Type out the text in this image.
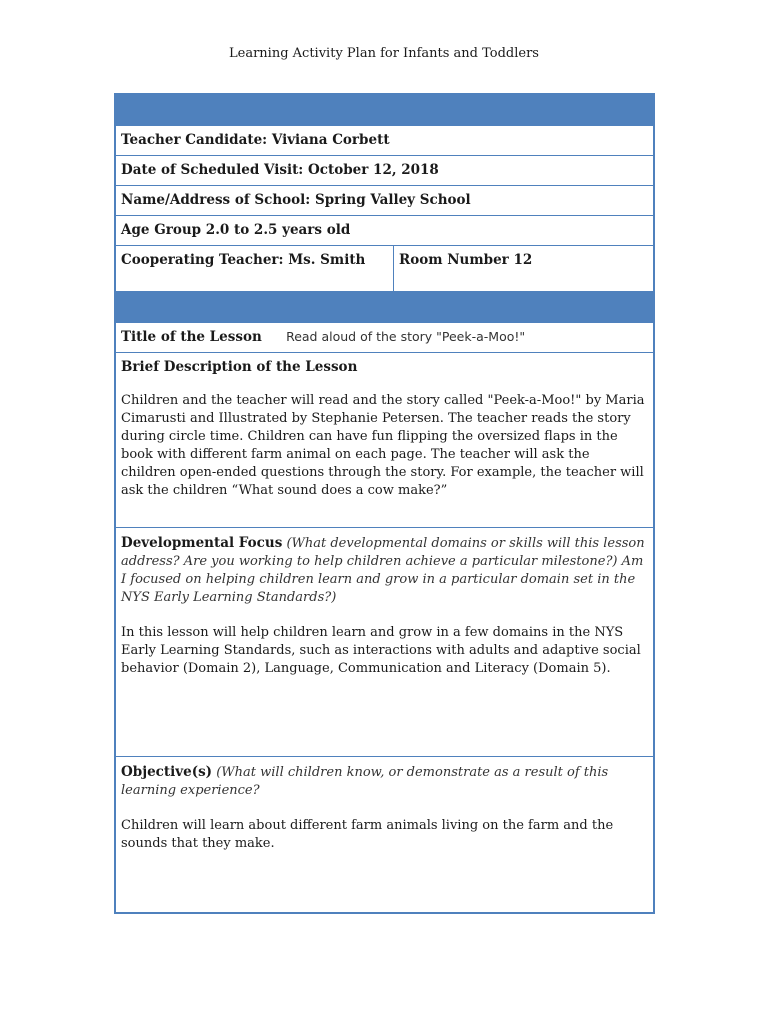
Learning Activity Plan for Infants and Toddlers
Teacher Candidate: Viviana Corbett
Date of Scheduled Visit: October 12, 2018
Name/Address of School: Spring Valley School
Age Group 2.0 to 2.5 years old
Cooperating Teacher: Ms. Smith	Room Number 12
Title of the Lesson Read aloud of the story "Peek-a-Moo!"
Brief Description of the Lesson

Children and the teacher will read and the story called "Peek-a-Moo!" by Maria Cimarusti and Illustrated by Stephanie Petersen. The teacher reads the story during circle time. Children can have fun flipping the oversized flaps in the book with different farm animal on each page. The teacher will ask the children open-ended questions through the story. For example, the teacher will ask the children “What sound does a cow make?”

Developmental Focus (What developmental domains or skills will this lesson address? Are you working to help children achieve a particular milestone?) Am I focused on helping children learn and grow in a particular domain set in the NYS Early Learning Standards?)

In this lesson will help children learn and grow in a few domains in the NYS Early Learning Standards, such as interactions with adults and adaptive social behavior (Domain 2), Language, Communication and Literacy (Domain 5).

Objective(s) (What will children know, or demonstrate as a result of this learning experience?

Children will learn about different farm animals living on the farm and the sounds that they make.
